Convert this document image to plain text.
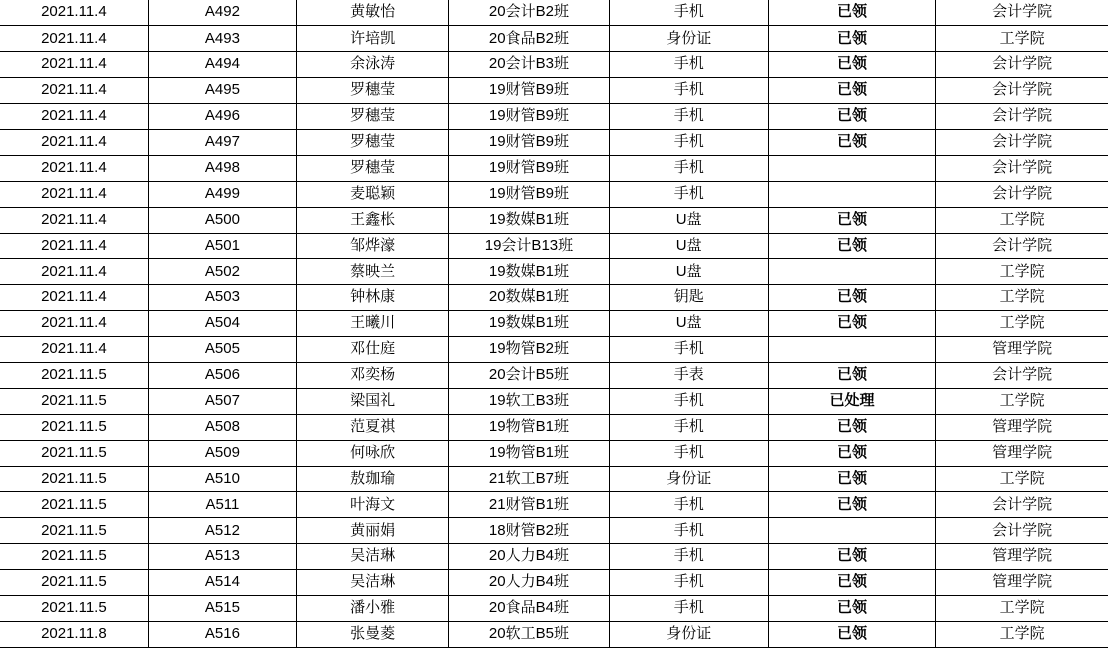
2021.11.4	A492	黄敏怡	20会计B2班	手机	已领	会计学院
2021.11.4	A493	许培凯	20食品B2班	身份证	已领	工学院
2021.11.4	A494	余泳涛	20会计B3班	手机	已领	会计学院
2021.11.4	A495	罗穗莹	19财管B9班	手机	已领	会计学院
2021.11.4	A496	罗穗莹	19财管B9班	手机	已领	会计学院
2021.11.4	A497	罗穗莹	19财管B9班	手机	已领	会计学院
2021.11.4	A498	罗穗莹	19财管B9班	手机		会计学院
2021.11.4	A499	麦聪颖	19财管B9班	手机		会计学院
2021.11.4	A500	王鑫枨	19数媒B1班	U盘	已领	工学院
2021.11.4	A501	邹烨濠	19会计B13班	U盘	已领	会计学院
2021.11.4	A502	蔡映兰	19数媒B1班	U盘		工学院
2021.11.4	A503	钟林康	20数媒B1班	钥匙	已领	工学院
2021.11.4	A504	王曦川	19数媒B1班	U盘	已领	工学院
2021.11.4	A505	邓仕庭	19物管B2班	手机		管理学院
2021.11.5	A506	邓奕杨	20会计B5班	手表	已领	会计学院
2021.11.5	A507	梁国礼	19软工B3班	手机	已处理	工学院
2021.11.5	A508	范夏祺	19物管B1班	手机	已领	管理学院
2021.11.5	A509	何咏欣	19物管B1班	手机	已领	管理学院
2021.11.5	A510	敖珈瑜	21软工B7班	身份证	已领	工学院
2021.11.5	A511	叶海文	21财管B1班	手机	已领	会计学院
2021.11.5	A512	黄丽娟	18财管B2班	手机		会计学院
2021.11.5	A513	吴洁琳	20人力B4班	手机	已领	管理学院
2021.11.5	A514	吴洁琳	20人力B4班	手机	已领	管理学院
2021.11.5	A515	潘小雅	20食品B4班	手机	已领	工学院
2021.11.8	A516	张曼菱	20软工B5班	身份证	已领	工学院
